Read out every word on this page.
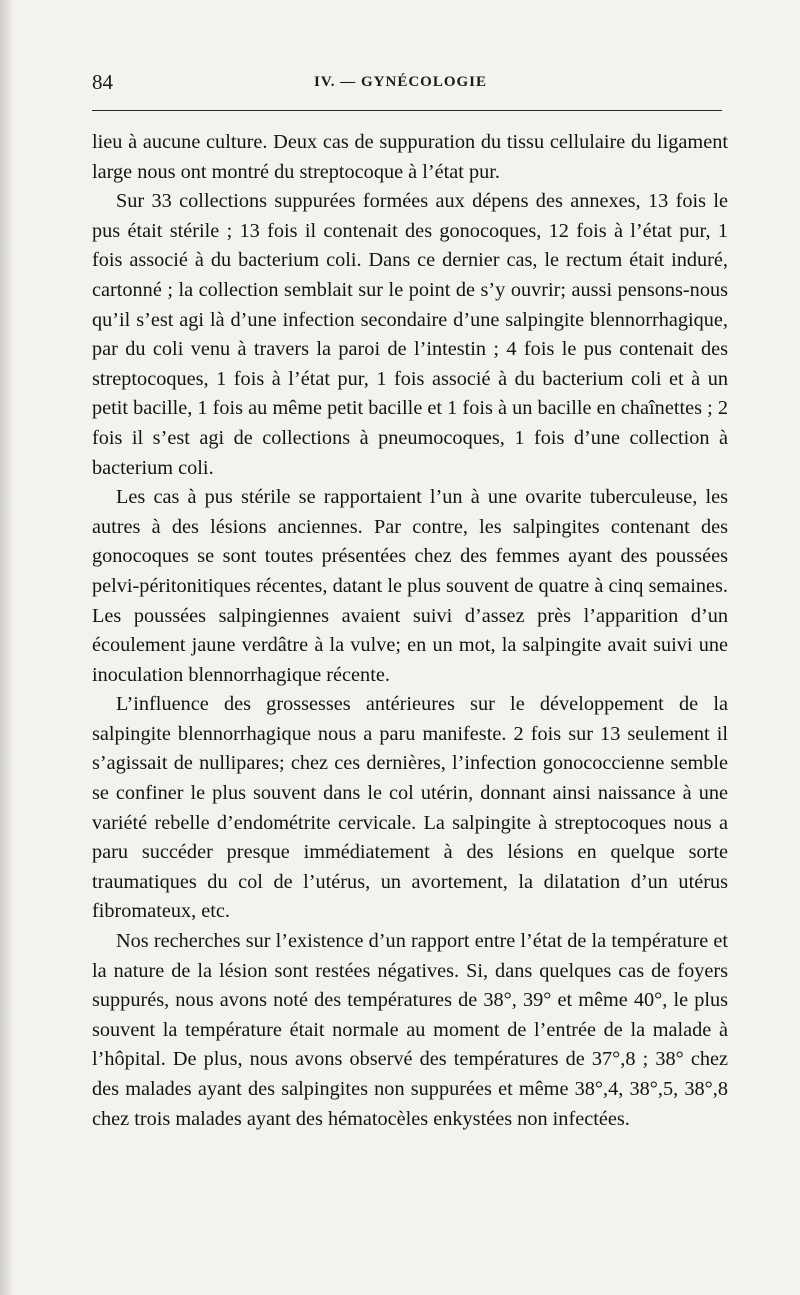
84	IV. — GYNÉCOLOGIE

lieu à aucune culture. Deux cas de suppuration du tissu cellulaire du ligament large nous ont montré du streptocoque à l’état pur.

Sur 33 collections suppurées formées aux dépens des annexes, 13 fois le pus était stérile ; 13 fois il contenait des gonocoques, 12 fois à l’état pur, 1 fois associé à du bacterium coli. Dans ce dernier cas, le rectum était induré, cartonné ; la collection semblait sur le point de s’y ouvrir; aussi pensons-nous qu’il s’est agi là d’une infection secondaire d’une salpingite blennorrhagique, par du coli venu à travers la paroi de l’intestin ; 4 fois le pus contenait des streptocoques, 1 fois à l’état pur, 1 fois associé à du bacterium coli et à un petit bacille, 1 fois au même petit bacille et 1 fois à un bacille en chaînettes ; 2 fois il s’est agi de collections à pneumocoques, 1 fois d’une collection à bacterium coli.

Les cas à pus stérile se rapportaient l’un à une ovarite tuberculeuse, les autres à des lésions anciennes. Par contre, les salpingites contenant des gonocoques se sont toutes présentées chez des femmes ayant des poussées pelvi-péritonitiques récentes, datant le plus souvent de quatre à cinq semaines. Les poussées salpingiennes avaient suivi d’assez près l’apparition d’un écoulement jaune verdâtre à la vulve; en un mot, la salpingite avait suivi une inoculation blennorrhagique récente.

L’influence des grossesses antérieures sur le développement de la salpingite blennorrhagique nous a paru manifeste. 2 fois sur 13 seulement il s’agissait de nullipares; chez ces dernières, l’infection gonococcienne semble se confiner le plus souvent dans le col utérin, donnant ainsi naissance à une variété rebelle d’endométrite cervicale. La salpingite à streptocoques nous a paru succéder presque immédiatement à des lésions en quelque sorte traumatiques du col de l’utérus, un avortement, la dilatation d’un utérus fibromateux, etc.

Nos recherches sur l’existence d’un rapport entre l’état de la température et la nature de la lésion sont restées négatives. Si, dans quelques cas de foyers suppurés, nous avons noté des températures de 38°, 39° et même 40°, le plus souvent la température était normale au moment de l’entrée de la malade à l’hôpital. De plus, nous avons observé des températures de 37°,8 ; 38° chez des malades ayant des salpingites non suppurées et même 38°,4, 38°,5, 38°,8 chez trois malades ayant des hématocèles enkystées non infectées.
